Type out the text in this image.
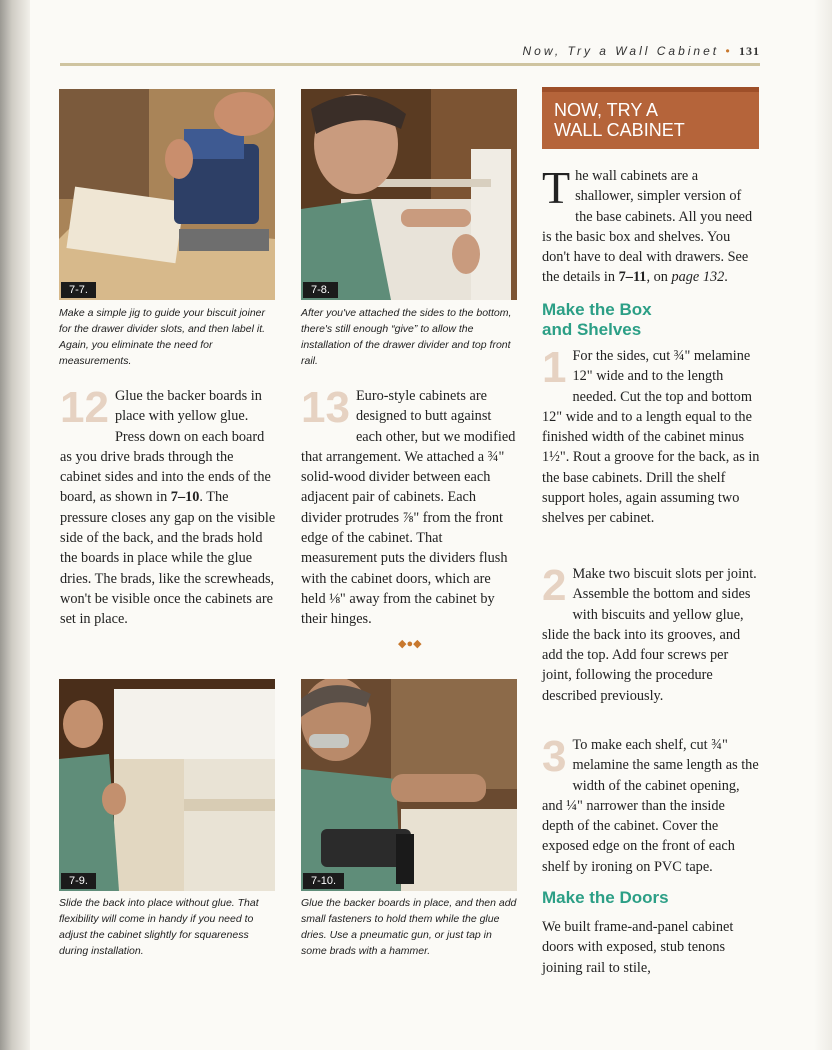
Now, Try a Wall Cabinet • 131
7-7.
Make a simple jig to guide your biscuit joiner for the drawer divider slots, and then label it. Again, you eliminate the need for measurements.
7-8.
After you've attached the sides to the bottom, there's still enough “give” to allow the installation of the drawer divider and top front rail.
7-9.
Slide the back into place without glue. That flexibility will come in handy if you need to adjust the cabinet slightly for squareness during installation.
7-10.
Glue the backer boards in place, and then add small fasteners to hold them while the glue dries. Use a pneumatic gun, or just tap in some brads with a hammer.

12 Glue the backer boards in place with yellow glue. Press down on each board as you drive brads through the cabinet sides and into the ends of the board, as shown in 7–10. The pressure closes any gap on the visible side of the back, and the brads hold the boards in place while the glue dries. The brads, like the screwheads, won't be visible once the cabinets are set in place.

13 Euro-style cabinets are designed to butt against each other, but we modified that arrangement. We attached a ¾" solid-wood divider between each adjacent pair of cabinets. Each divider protrudes ⅞" from the front edge of the cabinet. That measurement puts the dividers flush with the cabinet doors, which are held ⅛" away from the cabinet by their hinges.

◆●◆
NOW, TRY A
WALL CABINET

The wall cabinets are a shallower, simpler version of the base cabinets. All you need is the basic box and shelves. You don't have to deal with drawers. See the details in 7–11, on page 132.

Make the Box
and Shelves

1 For the sides, cut ¾" melamine 12" wide and to the length needed. Cut the top and bottom 12" wide and to a length equal to the finished width of the cabinet minus 1½". Rout a groove for the back, as in the base cabinets. Drill the shelf support holes, again assuming two shelves per cabinet.

2 Make two biscuit slots per joint. Assemble the bottom and sides with biscuits and yellow glue, slide the back into its grooves, and add the top. Add four screws per joint, following the procedure described previously.

3 To make each shelf, cut ¾" melamine the same length as the width of the cabinet opening, and ¼" narrower than the inside depth of the cabinet. Cover the exposed edge on the front of each shelf by ironing on PVC tape.

Make the Doors

We built frame-and-panel cabinet doors with exposed, stub tenons joining rail to stile,
